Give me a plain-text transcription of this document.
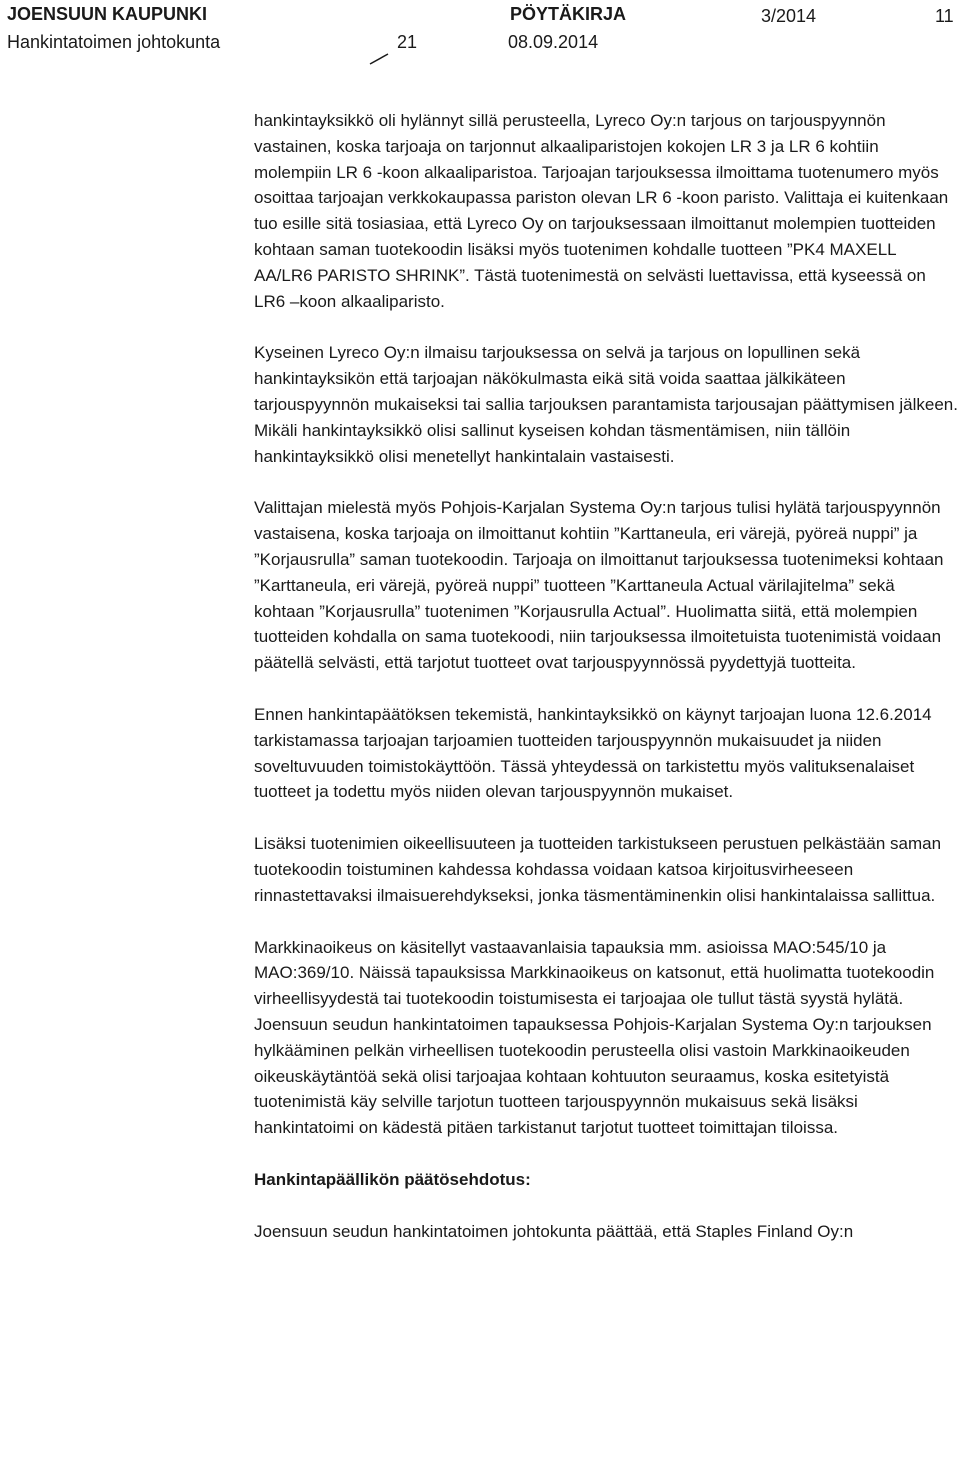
JOENSUUN KAUPUNKI	PÖYTÄKIRJA	3/2014	11
Hankintatoimen johtokunta	21	08.09.2014

hankintayksikkö oli hylännyt sillä perusteella, Lyreco Oy:n tarjous on tarjouspyynnön vastainen, koska tarjoaja on tarjonnut alkaaliparistojen kokojen LR 3 ja LR 6 kohtiin molempiin LR 6 -koon alkaaliparistoa. Tarjoajan tarjouksessa ilmoittama tuotenumero myös osoittaa tarjoajan verkkokaupassa pariston olevan LR 6 -koon paristo. Valittaja ei kuitenkaan tuo esille sitä tosiasiaa, että Lyreco Oy on tarjouksessaan ilmoittanut molempien tuotteiden kohtaan saman tuotekoodin lisäksi myös tuotenimen kohdalle tuotteen ”PK4 MAXELL AA/LR6 PARISTO SHRINK”. Tästä tuotenimestä on selvästi luettavissa, että kyseessä on LR6 –koon alkaaliparisto.

Kyseinen Lyreco Oy:n ilmaisu tarjouksessa on selvä ja tarjous on lopullinen sekä hankintayksikön että tarjoajan näkökulmasta eikä sitä voida saattaa jälkikäteen tarjouspyynnön mukaiseksi tai sallia tarjouksen parantamista tarjousajan päättymisen jälkeen. Mikäli hankintayksikkö olisi sallinut kyseisen kohdan täsmentämisen, niin tällöin hankintayksikkö olisi menetellyt hankintalain vastaisesti.

Valittajan mielestä myös Pohjois-Karjalan Systema Oy:n tarjous tulisi hylätä tarjouspyynnön vastaisena, koska tarjoaja on ilmoittanut kohtiin ”Karttaneula, eri värejä, pyöreä nuppi” ja ”Korjausrulla” saman tuotekoodin. Tarjoaja on ilmoittanut tarjouksessa tuotenimeksi kohtaan ”Karttaneula, eri värejä, pyöreä nuppi” tuotteen ”Karttaneula Actual värilajitelma” sekä kohtaan ”Korjausrulla” tuotenimen ”Korjausrulla Actual”. Huolimatta siitä, että molempien tuotteiden kohdalla on sama tuotekoodi, niin tarjouksessa ilmoitetuista tuotenimistä voidaan päätellä selvästi, että tarjotut tuotteet ovat tarjouspyynnössä pyydettyjä tuotteita.

Ennen hankintapäätöksen tekemistä, hankintayksikkö on käynyt tarjoajan luona 12.6.2014 tarkistamassa tarjoajan tarjoamien tuotteiden tarjouspyynnön mukaisuudet ja niiden soveltuvuuden toimistokäyttöön. Tässä yhteydessä on tarkistettu myös valituksenalaiset tuotteet ja todettu myös niiden olevan tarjouspyynnön mukaiset.

Lisäksi tuotenimien oikeellisuuteen ja tuotteiden tarkistukseen perustuen pelkästään saman tuotekoodin toistuminen kahdessa kohdassa voidaan katsoa kirjoitusvirheeseen rinnastettavaksi ilmaisuerehdykseksi, jonka täsmentäminenkin olisi hankintalaissa sallittua.

Markkinaoikeus on käsitellyt vastaavanlaisia tapauksia mm. asioissa MAO:545/10 ja MAO:369/10. Näissä tapauksissa Markkinaoikeus on katsonut, että huolimatta tuotekoodin virheellisyydestä tai tuotekoodin toistumisesta ei tarjoajaa ole tullut tästä syystä hylätä. Joensuun seudun hankintatoimen tapauksessa Pohjois-Karjalan Systema Oy:n tarjouksen hylkääminen pelkän virheellisen tuotekoodin perusteella olisi vastoin Markkinaoikeuden oikeuskäytäntöä sekä olisi tarjoajaa kohtaan kohtuuton seuraamus, koska esitetyistä tuotenimistä käy selville tarjotun tuotteen tarjouspyynnön mukaisuus sekä lisäksi hankintatoimi on kädestä pitäen tarkistanut tarjotut tuotteet toimittajan tiloissa.

Hankintapäällikön päätösehdotus:

Joensuun seudun hankintatoimen johtokunta päättää, että Staples Finland Oy:n
